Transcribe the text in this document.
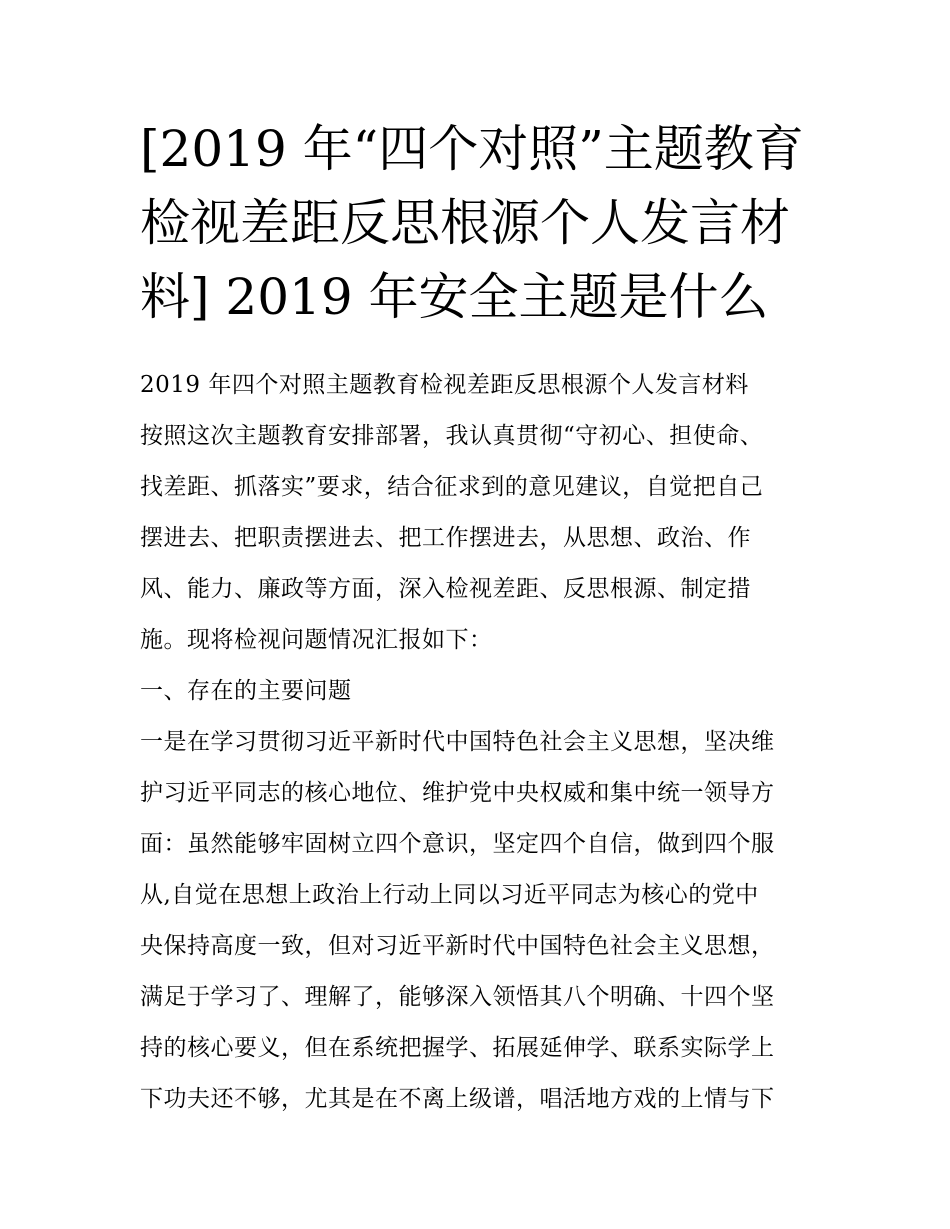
[2019 年“四个对照”主题教育
检视差距反思根源个人发言材
料] 2019 年安全主题是什么
2019 年四个对照主题教育检视差距反思根源个人发言材料
按照这次主题教育安排部署，我认真贯彻“守初心、担使命、
找差距、抓落实”要求，结合征求到的意见建议，自觉把自己
摆进去、把职责摆进去、把工作摆进去，从思想、政治、作
风、能力、廉政等方面，深入检视差距、反思根源、制定措
施。现将检视问题情况汇报如下：
一、存在的主要问题
一是在学习贯彻习近平新时代中国特色社会主义思想，坚决维
护习近平同志的核心地位、维护党中央权威和集中统一领导方
面：虽然能够牢固树立四个意识，坚定四个自信，做到四个服
从,自觉在思想上政治上行动上同以习近平同志为核心的党中
央保持高度一致，但对习近平新时代中国特色社会主义思想，
满足于学习了、理解了，能够深入领悟其八个明确、十四个坚
持的核心要义，但在系统把握学、拓展延伸学、联系实际学上
下功夫还不够，尤其是在不离上级谱，唱活地方戏的上情与下
